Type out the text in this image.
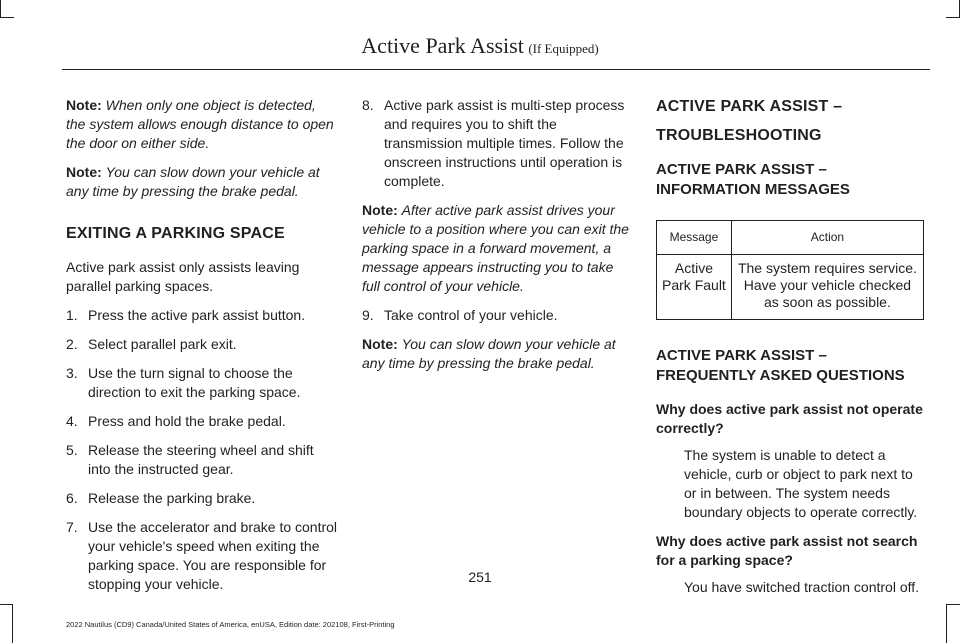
Active Park Assist (If Equipped)

Note: When only one object is detected, the system allows enough distance to open the door on either side.

Note: You can slow down your vehicle at any time by pressing the brake pedal.

EXITING A PARKING SPACE

Active park assist only assists leaving parallel parking spaces.

1. Press the active park assist button.
2. Select parallel park exit.
3. Use the turn signal to choose the direction to exit the parking space.
4. Press and hold the brake pedal.
5. Release the steering wheel and shift into the instructed gear.
6. Release the parking brake.
7. Use the accelerator and brake to control your vehicle's speed when exiting the parking space. You are responsible for stopping your vehicle.
8. Active park assist is multi-step process and requires you to shift the transmission multiple times. Follow the onscreen instructions until operation is complete.

Note: After active park assist drives your vehicle to a position where you can exit the parking space in a forward movement, a message appears instructing you to take full control of your vehicle.

9. Take control of your vehicle.

Note: You can slow down your vehicle at any time by pressing the brake pedal.

ACTIVE PARK ASSIST –
TROUBLESHOOTING
ACTIVE PARK ASSIST – INFORMATION MESSAGES
Message	Action
Active Park Fault	The system requires service. Have your vehicle checked as soon as possible.
ACTIVE PARK ASSIST – FREQUENTLY ASKED QUESTIONS

Why does active park assist not operate correctly?

The system is unable to detect a vehicle, curb or object to park next to or in between. The system needs boundary objects to operate correctly.

Why does active park assist not search for a parking space?

You have switched traction control off.

251
2022 Nautilus (CD9) Canada/United States of America, enUSA, Edition date: 202108, First-Printing
